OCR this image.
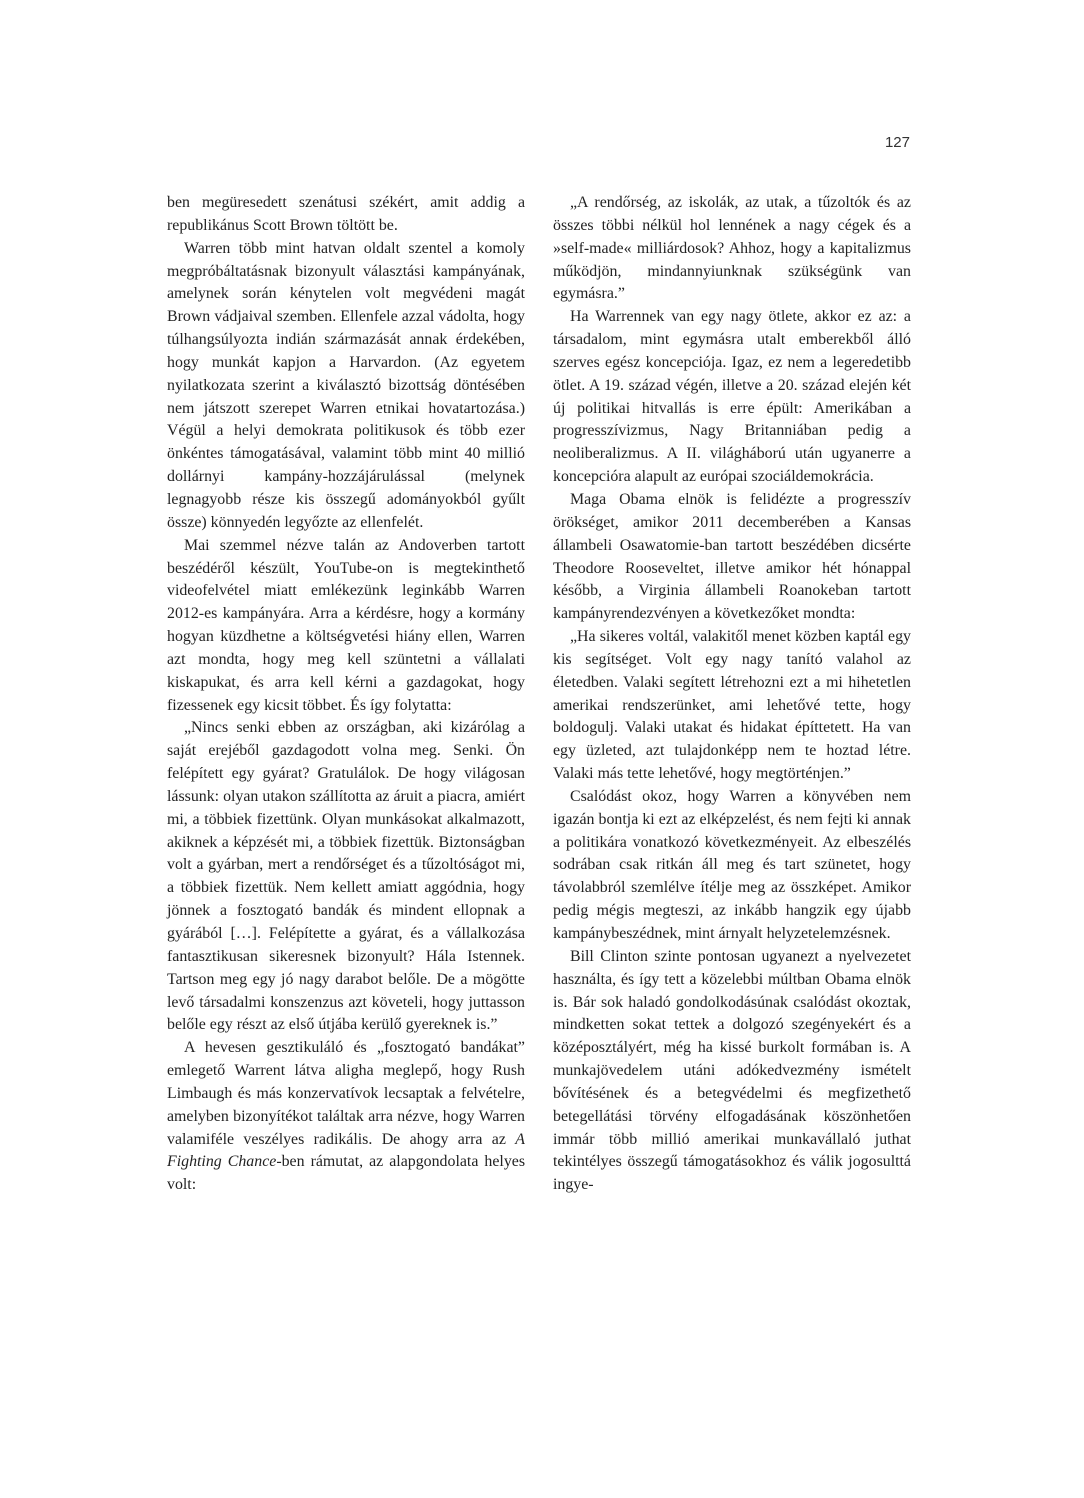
127

ben megüresedett szenátusi székért, amit addig a republikánus Scott Brown töltött be.

Warren több mint hatvan oldalt szentel a komoly megpróbáltatásnak bizonyult választási kampányának, amelynek során kénytelen volt megvédeni magát Brown vádjaival szemben. Ellenfele azzal vádolta, hogy túlhangsúlyozta indián származását annak érdekében, hogy munkát kapjon a Harvardon. (Az egyetem nyilatkozata szerint a kiválasztó bizottság döntésében nem játszott szerepet Warren etnikai hovatartozása.) Végül a helyi demokrata politikusok és több ezer önkéntes támogatásával, valamint több mint 40 millió dollárnyi kampány-hozzájárulással (melynek legnagyobb része kis összegű adományokból gyűlt össze) könnyedén legyőzte az ellenfelét.

Mai szemmel nézve talán az Andoverben tartott beszédéről készült, YouTube-on is megtekinthető videofelvétel miatt emlékezünk leginkább Warren 2012-es kampányára. Arra a kérdésre, hogy a kormány hogyan küzdhetne a költségvetési hiány ellen, Warren azt mondta, hogy meg kell szüntetni a vállalati kiskapukat, és arra kell kérni a gazdagokat, hogy fizessenek egy kicsit többet. És így folytatta:

„Nincs senki ebben az országban, aki kizárólag a saját erejéből gazdagodott volna meg. Senki. Ön felépített egy gyárat? Gratulálok. De hogy világosan lássunk: olyan utakon szállította az áruit a piacra, amiért mi, a többiek fizettünk. Olyan munkásokat alkalmazott, akiknek a képzését mi, a többiek fizettük. Biztonságban volt a gyárban, mert a rendőrséget és a tűzoltóságot mi, a többiek fizettük. Nem kellett amiatt aggódnia, hogy jönnek a fosztogató bandák és mindent ellopnak a gyárából […]. Felépítette a gyárat, és a vállalkozása fantasztikusan sikeresnek bizonyult? Hála Istennek. Tartson meg egy jó nagy darabot belőle. De a mögötte levő társadalmi konszenzus azt követeli, hogy juttasson belőle egy részt az első útjába kerülő gyereknek is.”

A hevesen gesztikuláló és „fosztogató bandákat” emlegető Warrent látva aligha meglepő, hogy Rush Limbaugh és más konzervatívok lecsaptak a felvételre, amelyben bizonyítékot találtak arra nézve, hogy Warren valamiféle veszélyes radikális. De ahogy arra az A Fighting Chance-ben rámutat, az alapgondolata helyes volt:

„A rendőrség, az iskolák, az utak, a tűzoltók és az összes többi nélkül hol lennének a nagy cégek és a »self-made« milliárdosok? Ahhoz, hogy a kapitalizmus működjön, mindannyiunknak szükségünk van egymásra.”

Ha Warrennek van egy nagy ötlete, akkor ez az: a társadalom, mint egymásra utalt emberekből álló szerves egész koncepciója. Igaz, ez nem a legeredetibb ötlet. A 19. század végén, illetve a 20. század elején két új politikai hitvallás is erre épült: Amerikában a progresszívizmus, Nagy Britanniában pedig a neoliberalizmus. A II. világháború után ugyanerre a koncepcióra alapult az európai szociáldemokrácia.

Maga Obama elnök is felidézte a progresszív örökséget, amikor 2011 decemberében a Kansas állambeli Osawatomie-ban tartott beszédében dicsérte Theodore Rooseveltet, illetve amikor hét hónappal később, a Virginia állambeli Roanokeban tartott kampányrendezvényen a következőket mondta:

„Ha sikeres voltál, valakitől menet közben kaptál egy kis segítséget. Volt egy nagy tanító valahol az életedben. Valaki segített létrehozni ezt a mi hihetetlen amerikai rendszerünket, ami lehetővé tette, hogy boldogulj. Valaki utakat és hidakat építtetett. Ha van egy üzleted, azt tulajdonképp nem te hoztad létre. Valaki más tette lehetővé, hogy megtörténjen.”

Csalódást okoz, hogy Warren a könyvében nem igazán bontja ki ezt az elképzelést, és nem fejti ki annak a politikára vonatkozó következményeit. Az elbeszélés sodrában csak ritkán áll meg és tart szünetet, hogy távolabbról szemlélve ítélje meg az összképet. Amikor pedig mégis megteszi, az inkább hangzik egy újabb kampánybeszédnek, mint árnyalt helyzetelemzésnek.

Bill Clinton szinte pontosan ugyanezt a nyelvezetet használta, és így tett a közelebbi múltban Obama elnök is. Bár sok haladó gondolkodásúnak csalódást okoztak, mindketten sokat tettek a dolgozó szegényekért és a középosztályért, még ha kissé burkolt formában is. A munkajövedelem utáni adókedvezmény ismételt bővítésének és a betegvédelmi és megfizethető betegellátási törvény elfogadásának köszönhetően immár több millió amerikai munkavállaló juthat tekintélyes összegű támogatásokhoz és válik jogosulttá ingye-
